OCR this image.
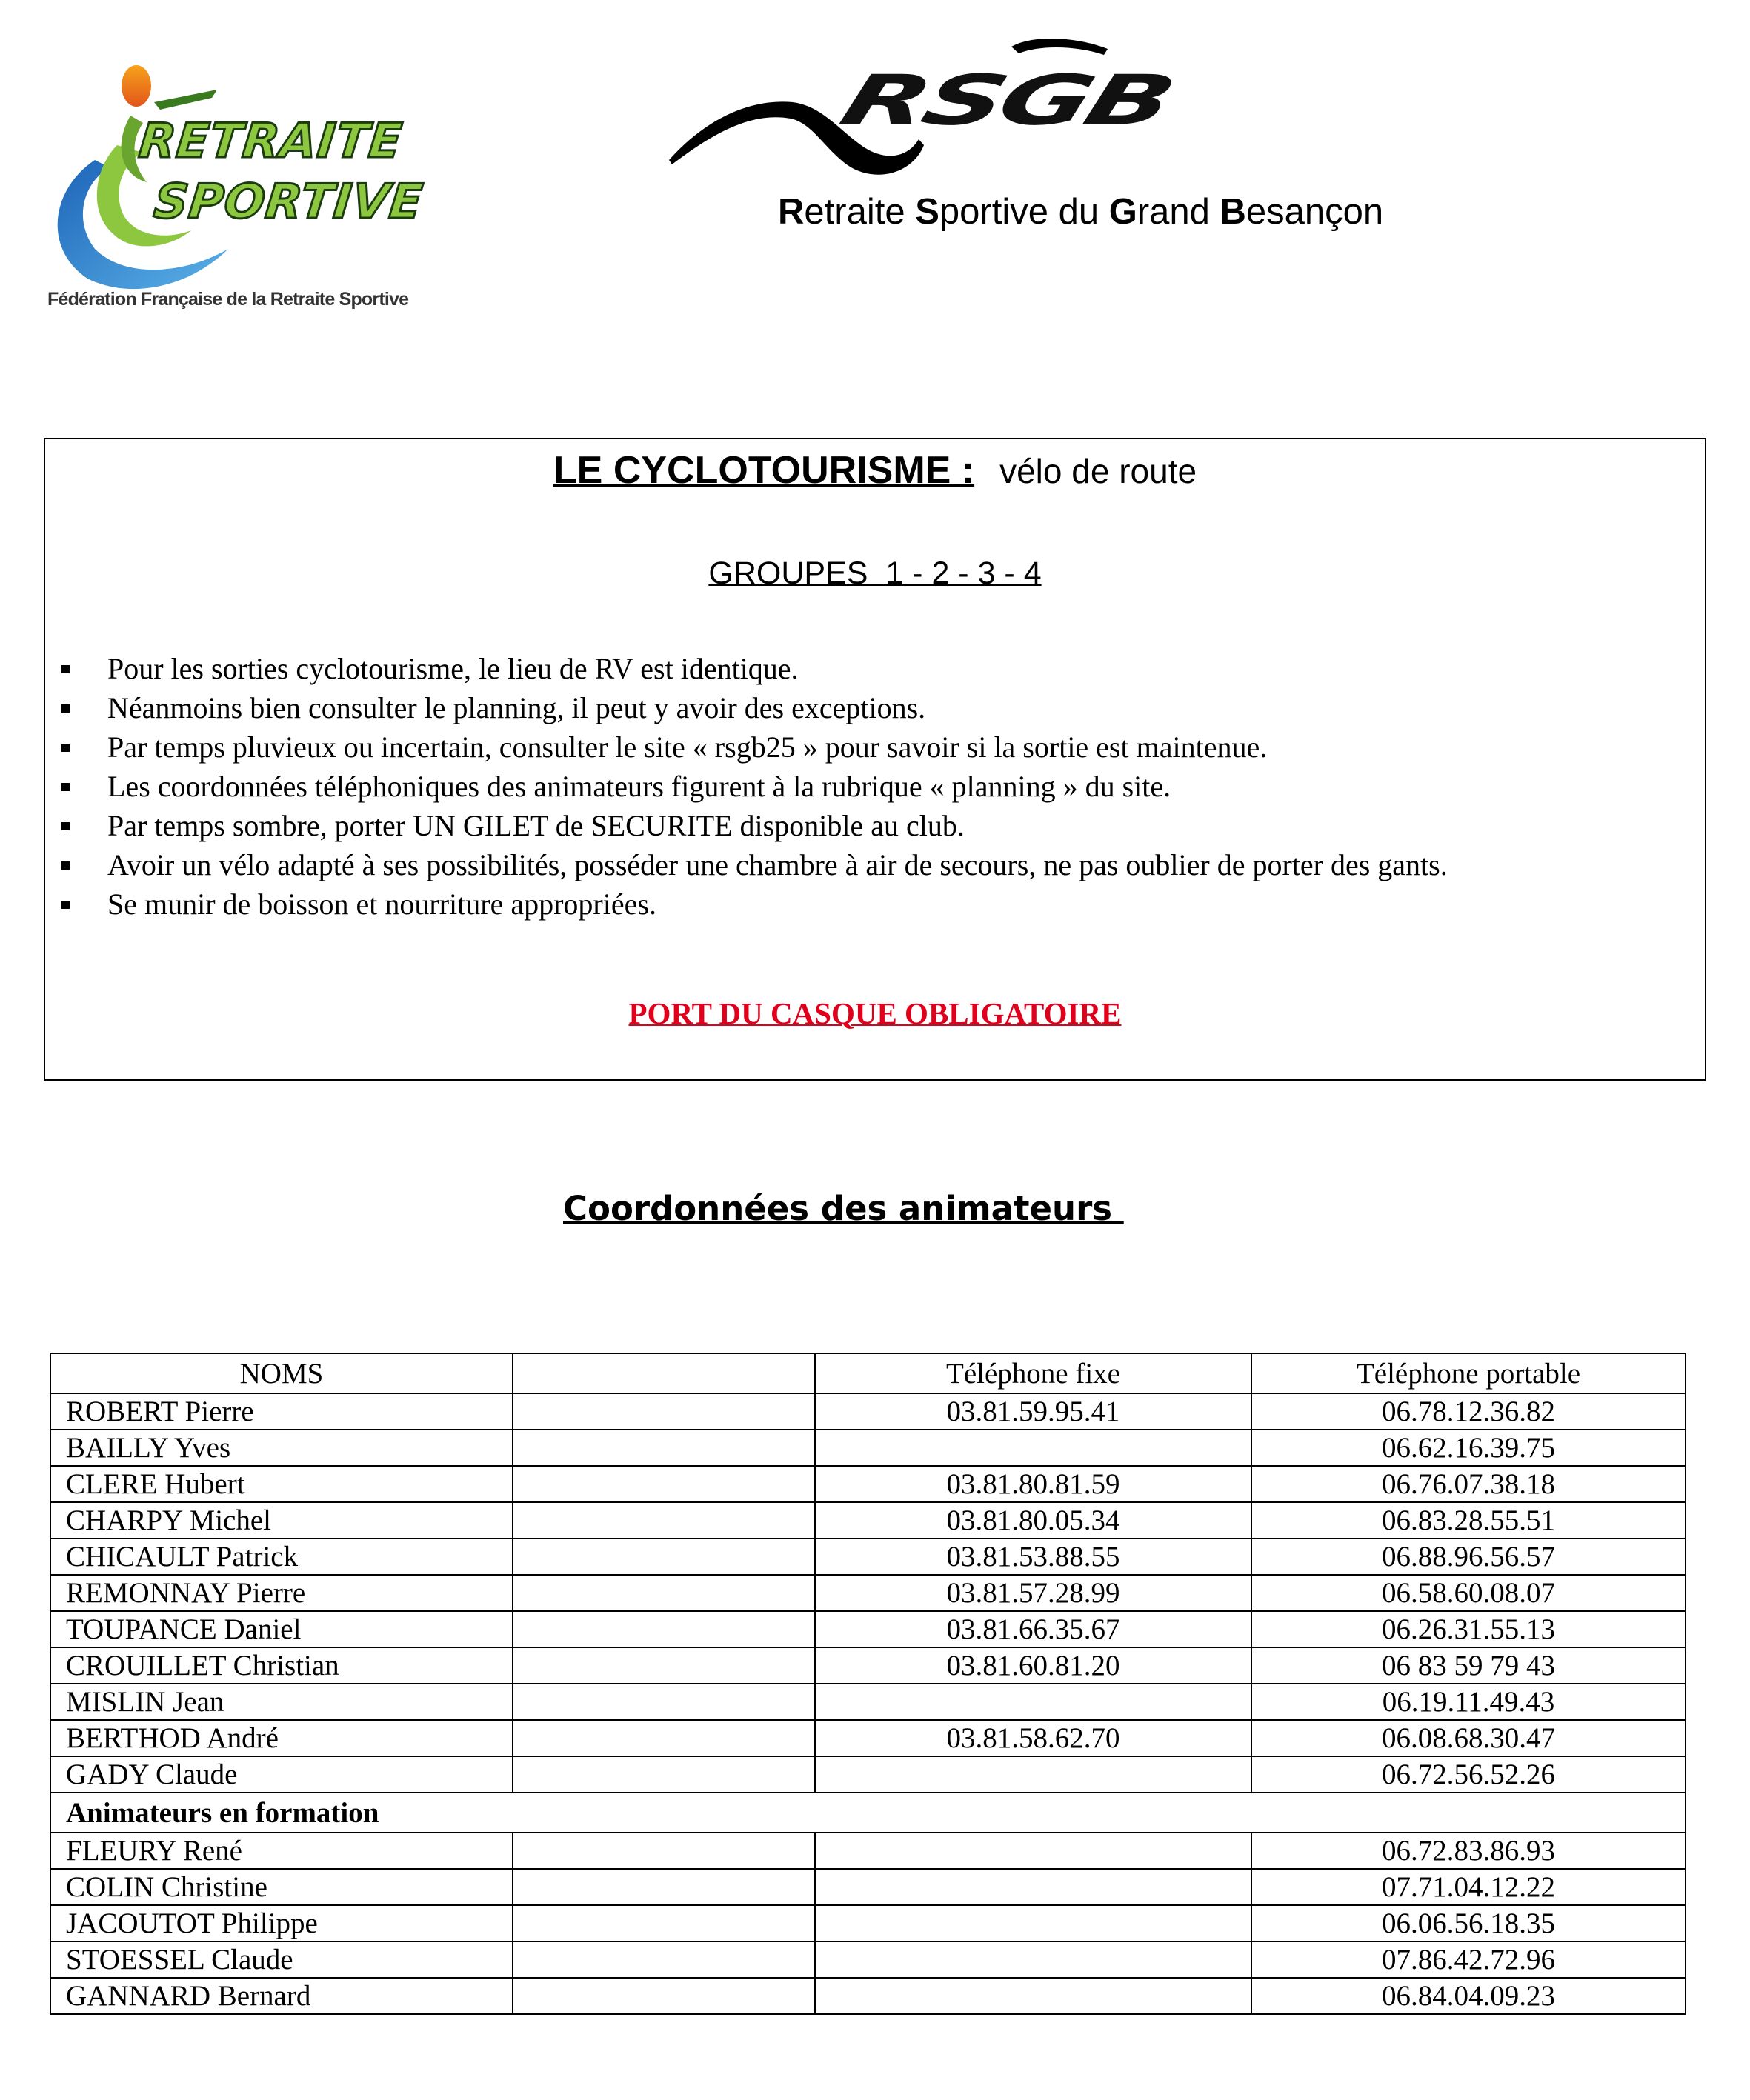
RETRAITE
SPORTIVE
Fédération Française de la Retraite Sportive
RSGB
Retraite Sportive du Grand Besançon
LE CYCLOTOURISME : vélo de route
GROUPES  1 - 2 - 3 - 4
Pour les sorties cyclotourisme, le lieu de RV est identique.
Néanmoins bien consulter le planning, il peut y avoir des exceptions.
Par temps pluvieux ou incertain, consulter le site « rsgb25 » pour savoir si la sortie est maintenue.
Les coordonnées téléphoniques des animateurs figurent à la rubrique « planning » du site.
Par temps sombre, porter UN GILET de SECURITE disponible au club.
Avoir un vélo adapté à ses possibilités, posséder une chambre à air de secours, ne pas oublier de porter des gants.
Se munir de boisson et nourriture appropriées.
PORT DU CASQUE OBLIGATOIRE
Coordonnées des animateurs
NOMS		Téléphone fixe	Téléphone portable
ROBERT Pierre		03.81.59.95.41	06.78.12.36.82
BAILLY Yves			06.62.16.39.75
CLERE Hubert		03.81.80.81.59	06.76.07.38.18
CHARPY Michel		03.81.80.05.34	06.83.28.55.51
CHICAULT Patrick		03.81.53.88.55	06.88.96.56.57
REMONNAY Pierre		03.81.57.28.99	06.58.60.08.07
TOUPANCE Daniel		03.81.66.35.67	06.26.31.55.13
CROUILLET Christian		03.81.60.81.20	06 83 59 79 43
MISLIN Jean			06.19.11.49.43
BERTHOD André		03.81.58.62.70	06.08.68.30.47
GADY Claude			06.72.56.52.26
Animateurs en formation			
FLEURY René			06.72.83.86.93
COLIN Christine			07.71.04.12.22
JACOUTOT Philippe			06.06.56.18.35
STOESSEL Claude			07.86.42.72.96
GANNARD Bernard			06.84.04.09.23
